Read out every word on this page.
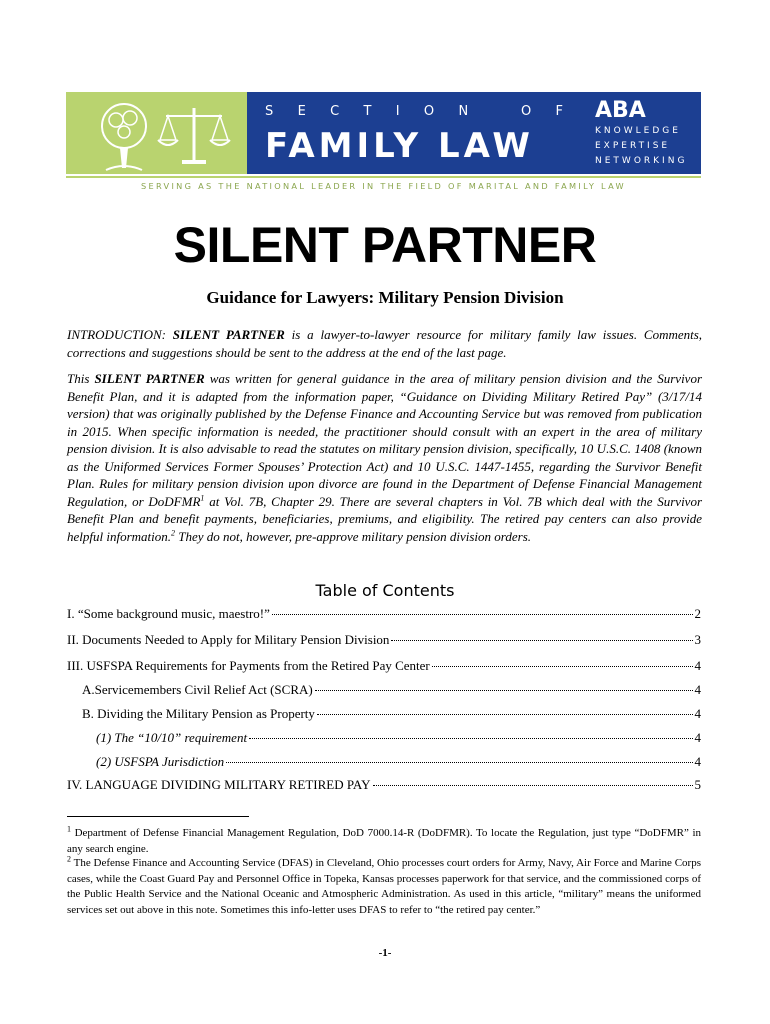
S E C T I O N
	O F
FAMILY LAW
ABA
KNOWLEDGE
EXPERTISE
NETWORKING
SERVING AS THE NATIONAL LEADER IN THE FIELD OF MARITAL AND FAMILY LAW
SILENT PARTNER
Guidance for Lawyers: Military Pension Division
INTRODUCTION: SILENT PARTNER is a lawyer-to-lawyer resource for military family law issues. Comments, corrections and suggestions should be sent to the address at the end of the last page.
This SILENT PARTNER was written for general guidance in the area of military pension division and the Survivor Benefit Plan, and it is adapted from the information paper, “Guidance on Dividing Military Retired Pay” (3/17/14 version) that was originally published by the Defense Finance and Accounting Service but was removed from publication in 2015. When specific information is needed, the practitioner should consult with an expert in the area of military pension division. It is also advisable to read the statutes on military pension division, specifically, 10 U.S.C. 1408 (known as the Uniformed Services Former Spouses’ Protection Act) and 10 U.S.C. 1447-1455, regarding the Survivor Benefit Plan. Rules for military pension division upon divorce are found in the Department of Defense Financial Management Regulation, or DoDFMR$^1$ at Vol. 7B, Chapter 29. There are several chapters in Vol. 7B which deal with the Survivor Benefit Plan and benefit payments, beneficiaries, premiums, and eligibility. The retired pay centers can also provide helpful information.$^2$ They do not, however, pre-approve military pension division orders.
Table of Contents
I. “Some background music, maestro!”	2
II. Documents Needed to Apply for Military Pension Division	3
III. USFSPA Requirements for Payments from the Retired Pay Center	4
A.Servicemembers Civil Relief Act (SCRA)	4
B. Dividing the Military Pension as Property	4
(1) The “10/10” requirement	4
(2) USFSPA Jurisdiction	4
IV. LANGUAGE DIVIDING MILITARY RETIRED PAY	5
$^1$ Department of Defense Financial Management Regulation, DoD 7000.14-R (DoDFMR). To locate the Regulation, just type “DoDFMR” in any search engine.
$^2$ The Defense Finance and Accounting Service (DFAS) in Cleveland, Ohio processes court orders for Army, Navy, Air Force and Marine Corps cases, while the Coast Guard Pay and Personnel Office in Topeka, Kansas processes paperwork for that service, and the commissioned corps of the Public Health Service and the National Oceanic and Atmospheric Administration. As used in this article, “military” means the uniformed services set out above in this note. Sometimes this info-letter uses DFAS to refer to “the retired pay center.”
-1-
